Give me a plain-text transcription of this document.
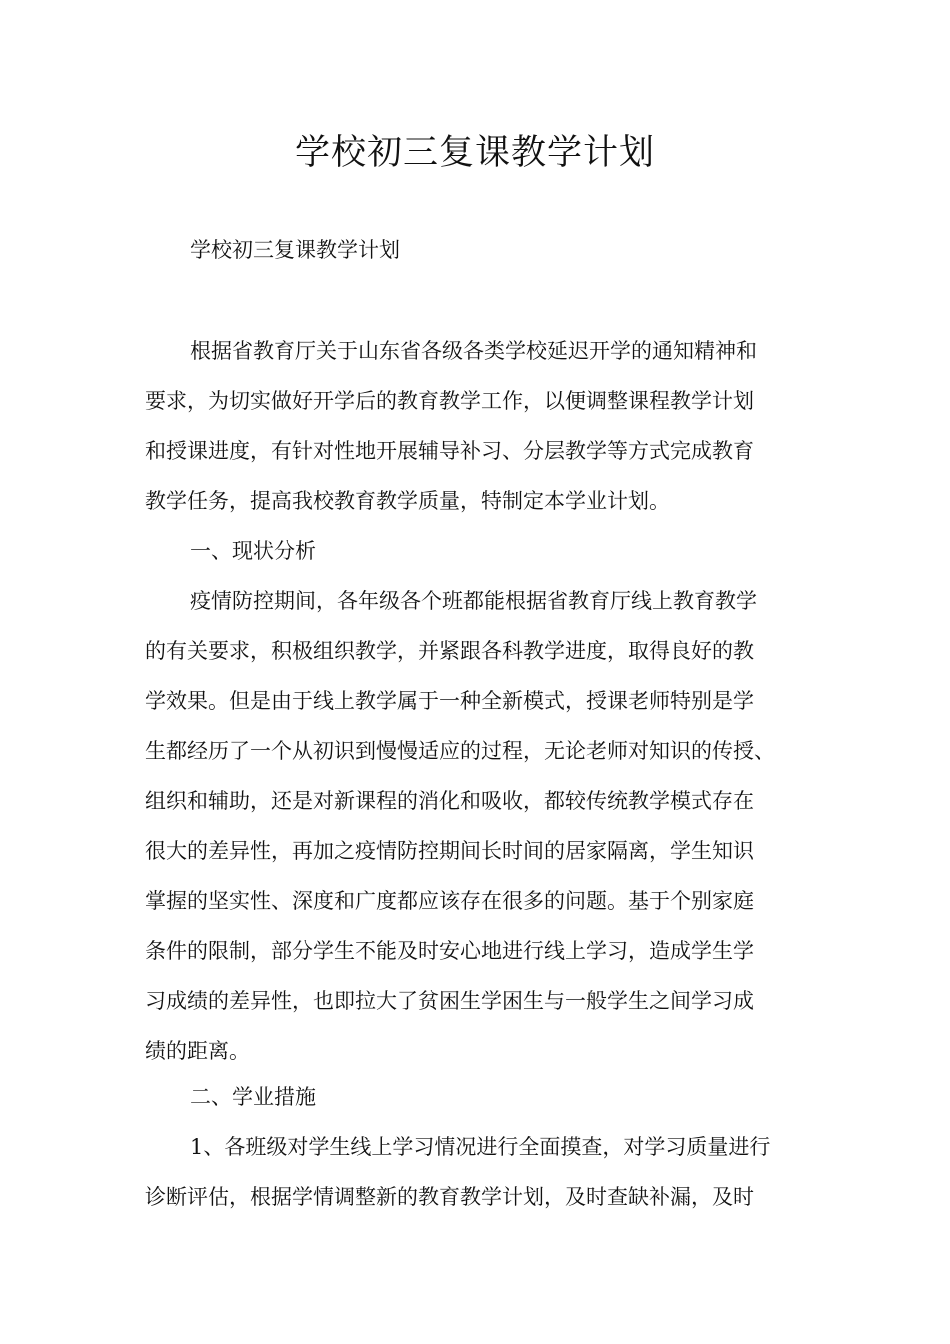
学校初三复课教学计划

学校初三复课教学计划

根据省教育厅关于山东省各级各类学校延迟开学的通知精神和
要求，为切实做好开学后的教育教学工作，以便调整课程教学计划
和授课进度，有针对性地开展辅导补习、分层教学等方式完成教育
教学任务，提高我校教育教学质量，特制定本学业计划。
一、现状分析
疫情防控期间，各年级各个班都能根据省教育厅线上教育教学
的有关要求，积极组织教学，并紧跟各科教学进度，取得良好的教
学效果。但是由于线上教学属于一种全新模式，授课老师特别是学
生都经历了一个从初识到慢慢适应的过程，无论老师对知识的传授、
组织和辅助，还是对新课程的消化和吸收，都较传统教学模式存在
很大的差异性，再加之疫情防控期间长时间的居家隔离，学生知识
掌握的坚实性、深度和广度都应该存在很多的问题。基于个别家庭
条件的限制，部分学生不能及时安心地进行线上学习，造成学生学
习成绩的差异性，也即拉大了贫困生学困生与一般学生之间学习成
绩的距离。
二、学业措施
1、各班级对学生线上学习情况进行全面摸查，对学习质量进行
诊断评估，根据学情调整新的教育教学计划，及时查缺补漏，及时
